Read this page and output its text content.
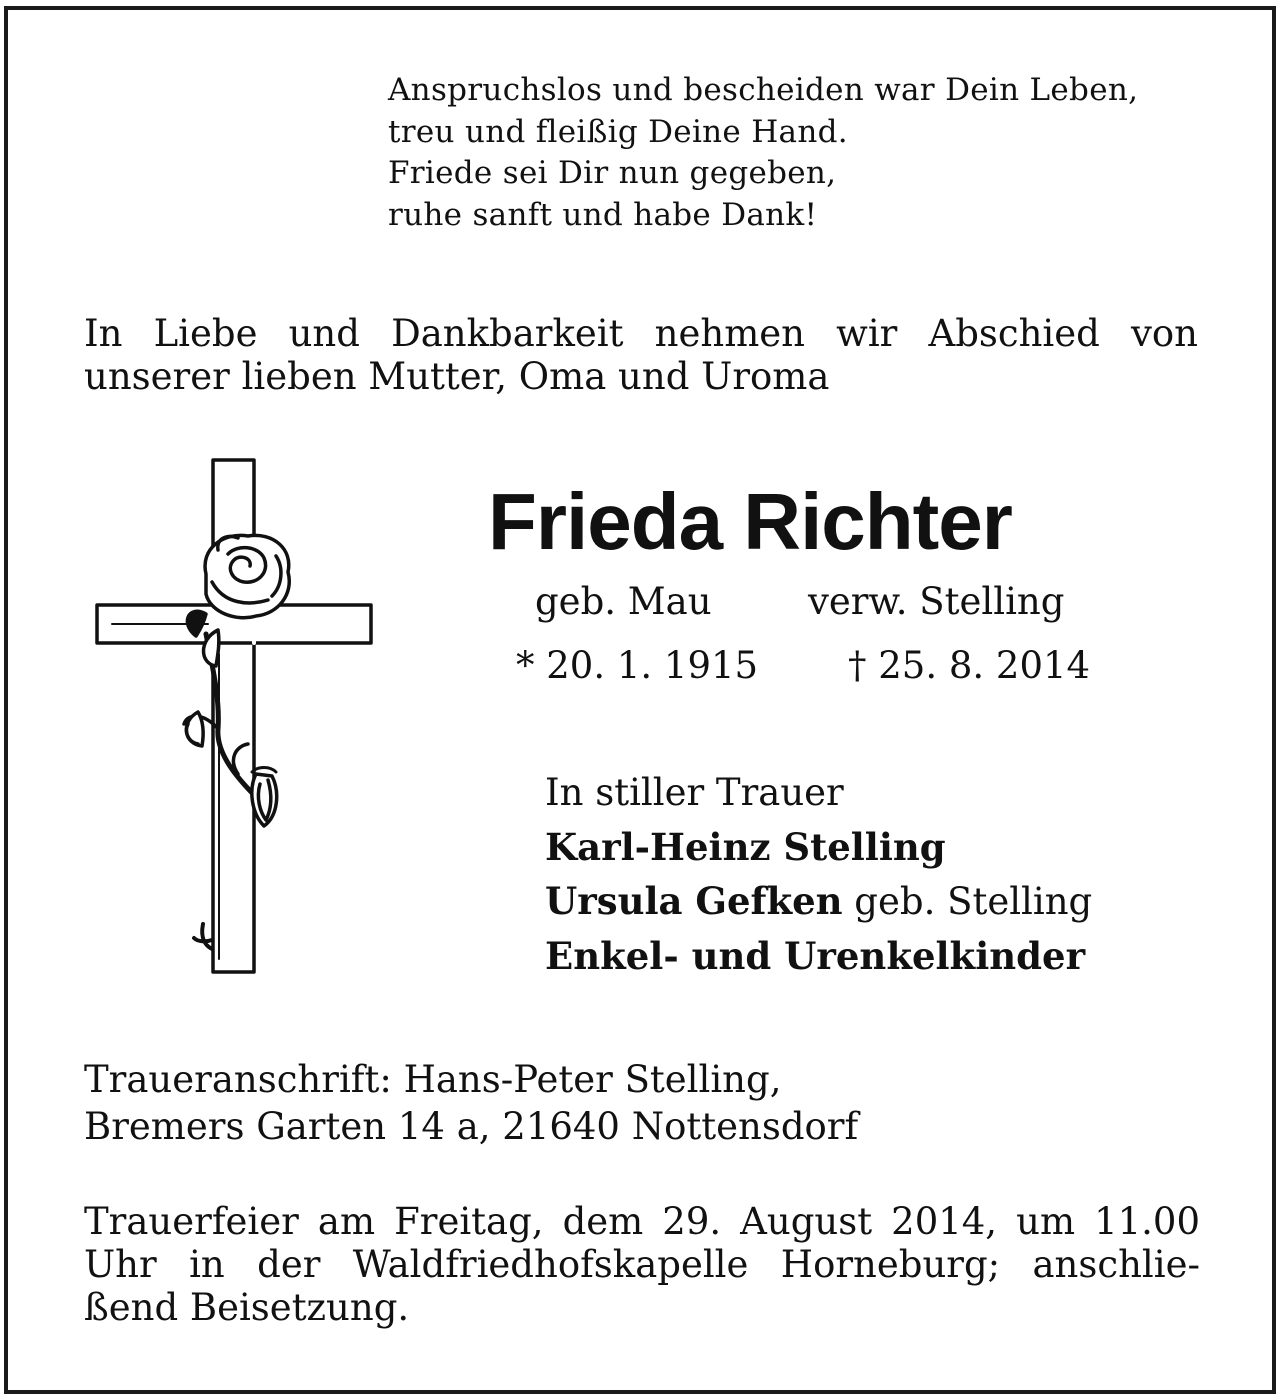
Anspruchslos und bescheiden war Dein Leben,
treu und fleißig Deine Hand.
Friede sei Dir nun gegeben,
ruhe sanft und habe Dank!
In Liebe und Dankbarkeit nehmen wir Abschied von
unserer lieben Mutter, Oma und Uroma
Frieda Richter
geb. Mau	verw. Stelling
* 20. 1. 1915 † 25. 8. 2014
In stiller Trauer
Karl-Heinz Stelling
Ursula Gefken geb. Stelling
Enkel- und Urenkelkinder
Traueranschrift: Hans-Peter Stelling,
Bremers Garten 14 a, 21640 Nottensdorf
Trauerfeier am Freitag, dem 29. August 2014, um 11.00
Uhr in der Waldfriedhofskapelle Horneburg; anschlie-
ßend Beisetzung.
